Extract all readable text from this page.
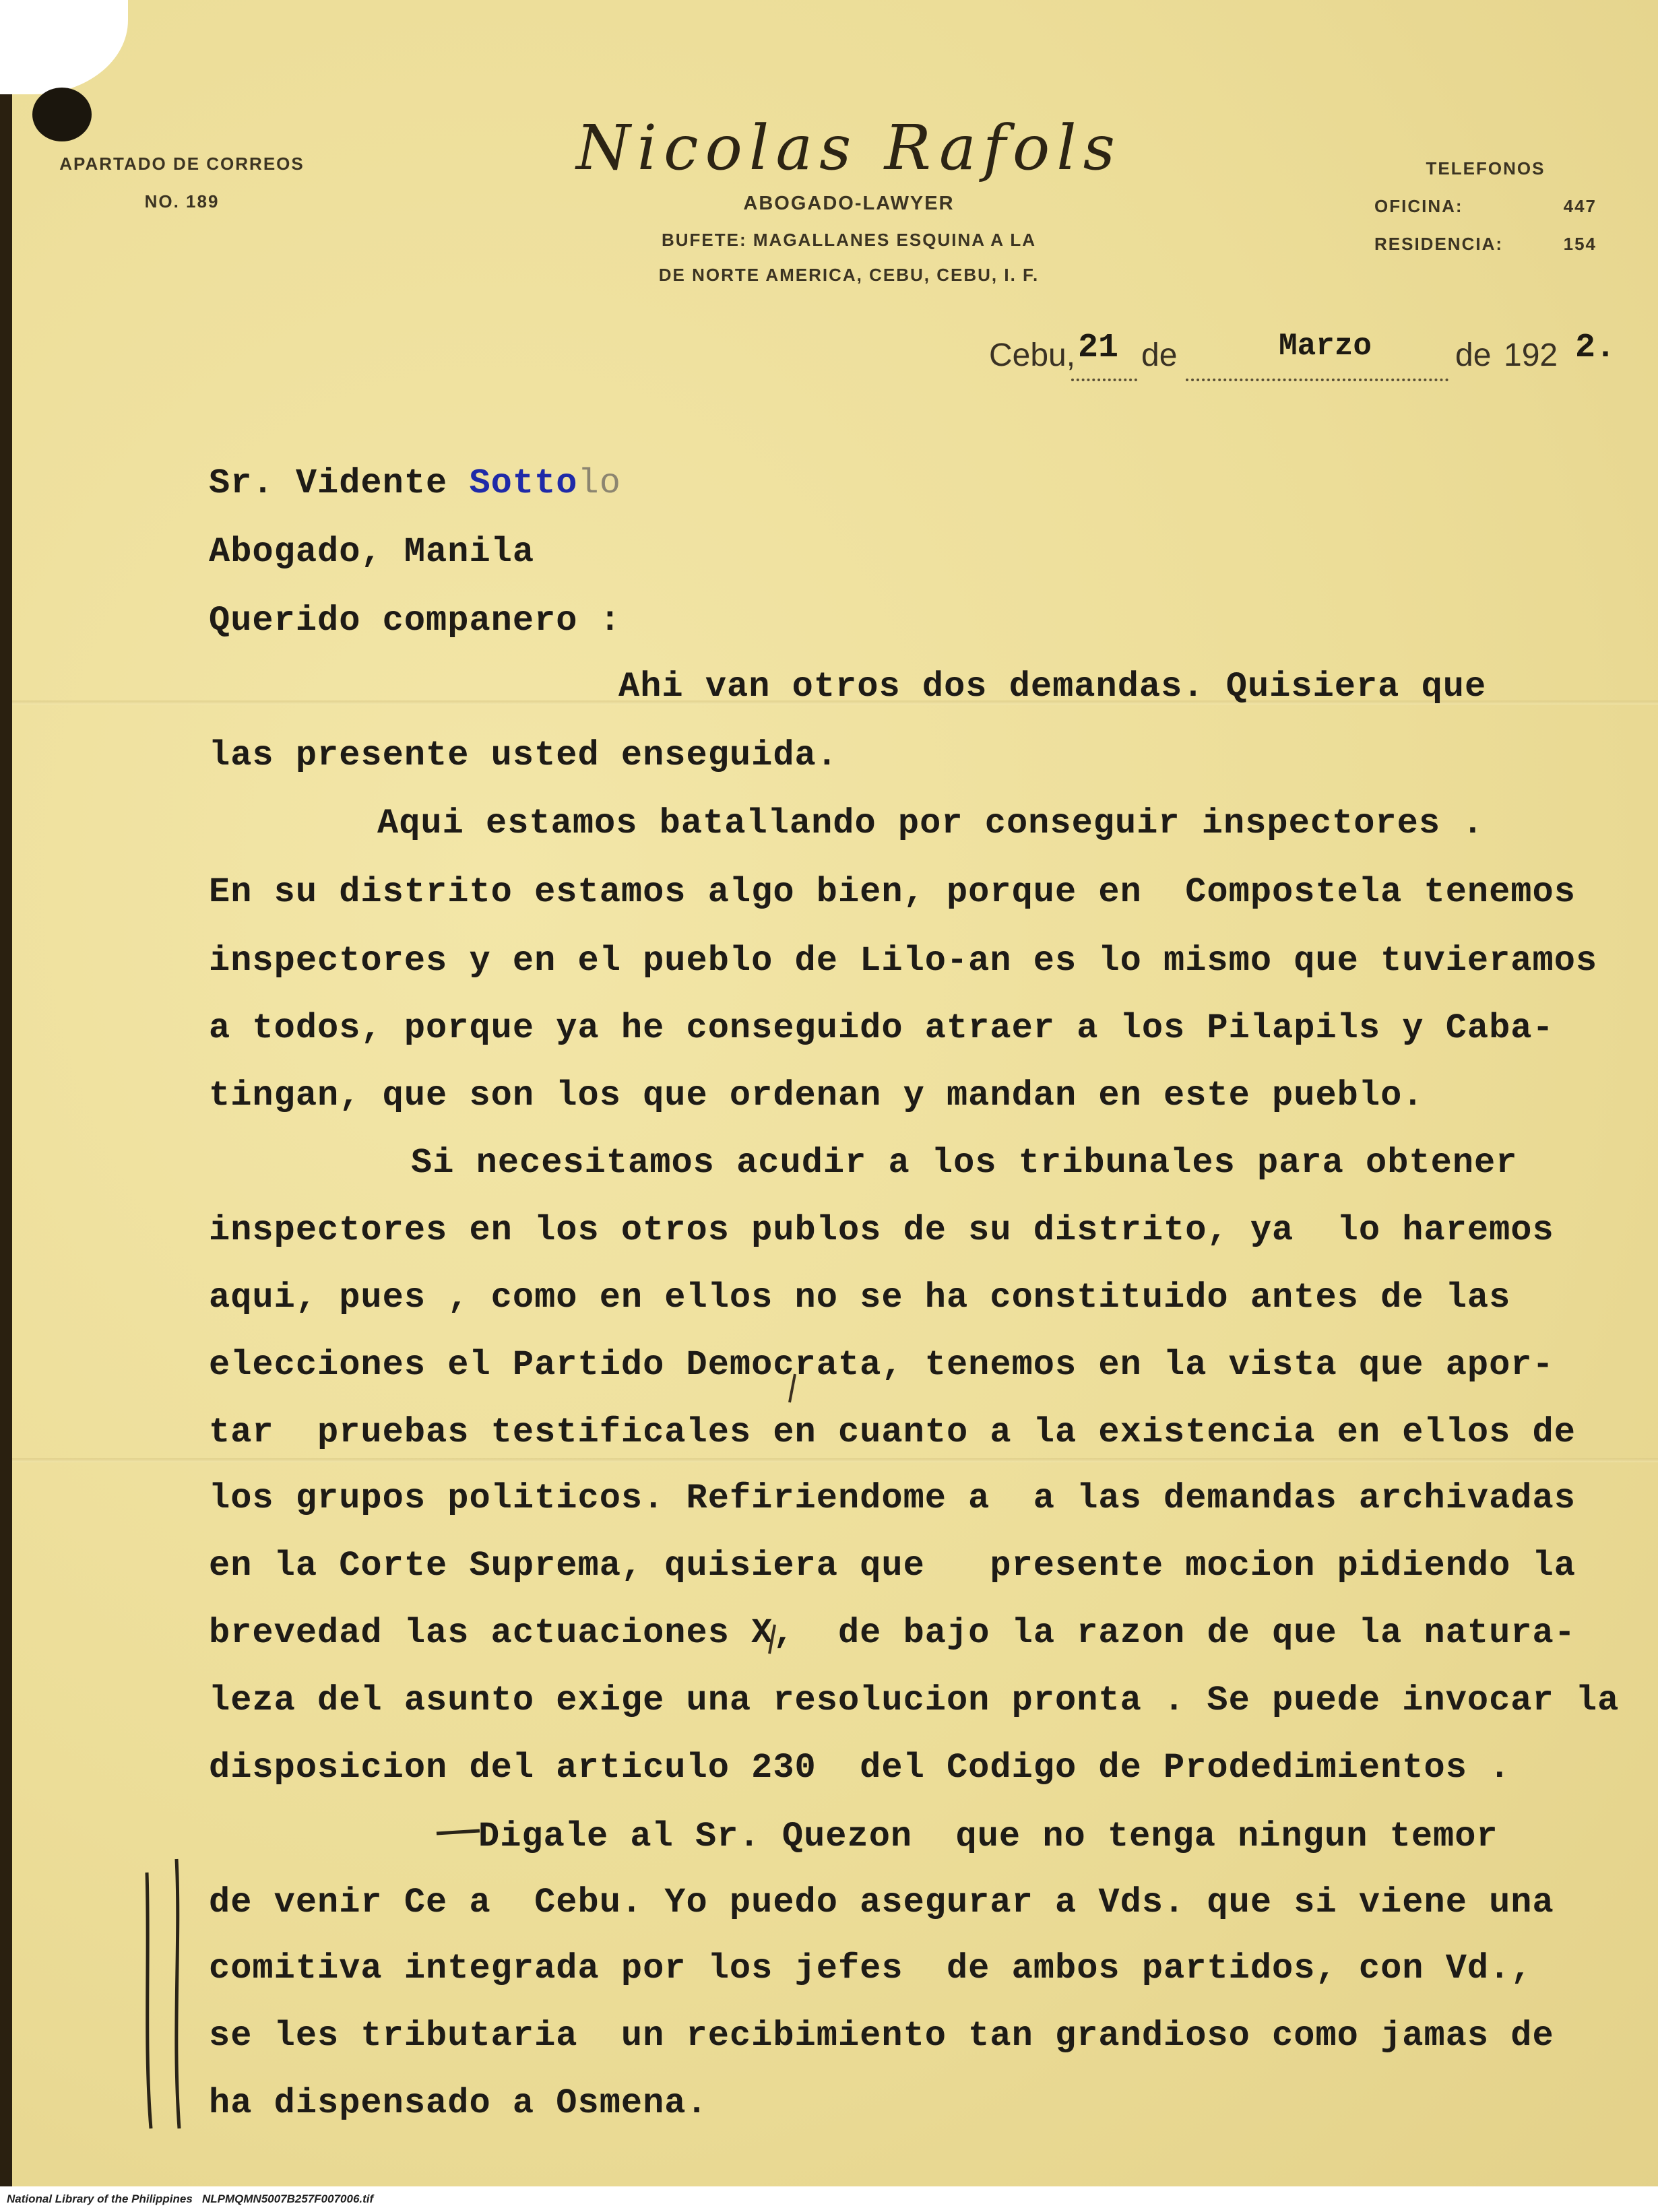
APARTADO DE CORREOS
NO. 189
Nicolas Rafols
ABOGADO-LAWYER
BUFETE: MAGALLANES ESQUINA A LA
DE NORTE AMERICA, CEBU, CEBU, I. F.
TELEFONOS
OFICINA:	447
RESIDENCIA:	154
Cebu, 21 de	Marzo	de 192 2.
Sr. Vidente Sottolo
Abogado, Manila
Querido companero :
Ahi van otros dos demandas. Quisiera que
las presente usted enseguida.
Aqui estamos batallando por conseguir inspectores .
En su distrito estamos algo bien, porque en  Compostela tenemos
inspectores y en el pueblo de Lilo-an es lo mismo que tuvieramos
a todos, porque ya he conseguido atraer a los Pilapils y Caba-
tingan, que son los que ordenan y mandan en este pueblo.
Si necesitamos acudir a los tribunales para obtener
inspectores en los otros publos de su distrito, ya  lo haremos
aqui, pues , como en ellos no se ha constituido antes de las
elecciones el Partido Democrata, tenemos en la vista que apor-
tar  pruebas testificales en cuanto a la existencia en ellos de
los grupos politicos. Refiriendome a  a las demandas archivadas
en la Corte Suprema, quisiera que   presente mocion pidiendo la
brevedad las actuaciones X,  de bajo la razon de que la natura-
leza del asunto exige una resolucion pronta . Se puede invocar la
disposicion del articulo 230  del Codigo de Prodedimientos .
Digale al Sr. Quezon  que no tenga ningun temor
de venir Ce a  Cebu. Yo puedo asegurar a Vds. que si viene una
comitiva integrada por los jefes  de ambos partidos, con Vd.,
se les tributaria  un recibimiento tan grandioso como jamas de
ha dispensado a Osmena.
National Library of the Philippines NLPMQMN5007B257F007006.tif
